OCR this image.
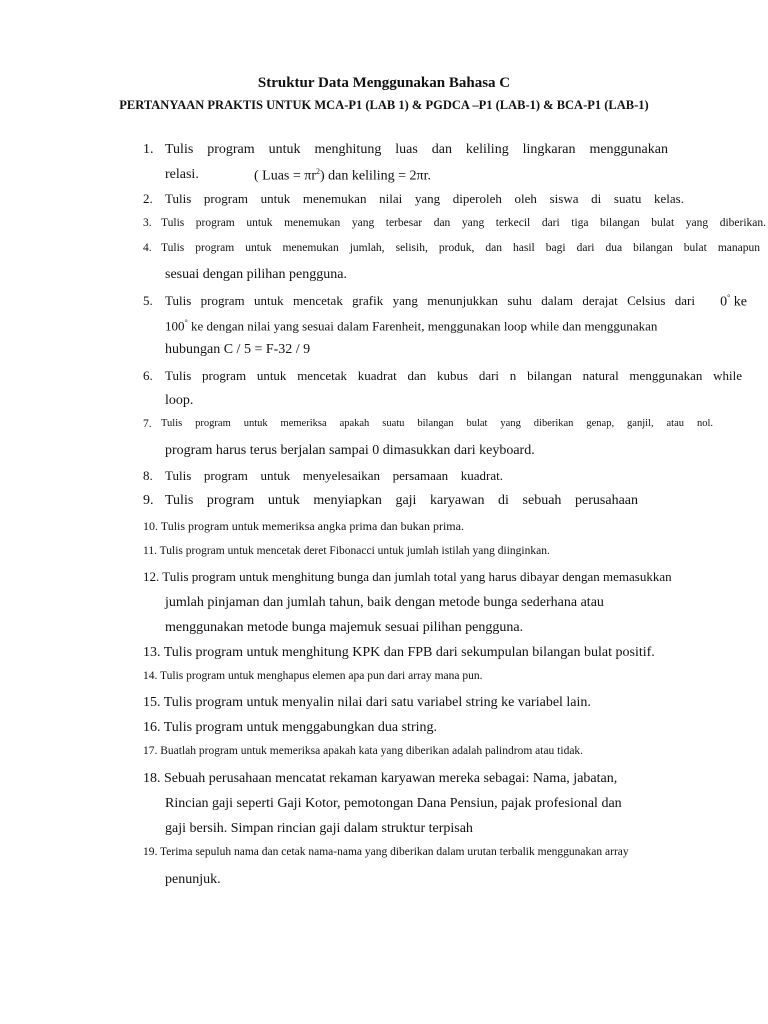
Struktur Data Menggunakan Bahasa C
PERTANYAAN PRAKTIS UNTUK MCA-P1 (LAB 1) & PGDCA –P1 (LAB-1) & BCA-P1 (LAB-1)
1. Tulis program untuk menghitung luas dan keliling lingkaran menggunakan
relasi.	( Luas = $\pi r^2$) dan keliling = 2πr.
2. Tulis program untuk menemukan nilai yang diperoleh oleh siswa di suatu kelas.
3. Tulis program untuk menemukan yang terbesar dan yang terkecil dari tiga bilangan bulat yang diberikan.
4. Tulis program untuk menemukan jumlah, selisih, produk, dan hasil bagi dari dua bilangan bulat manapun
sesuai dengan pilihan pengguna.
5. Tulis program untuk mencetak grafik yang menunjukkan suhu dalam derajat Celsius dari 0° ke
100° ke dengan nilai yang sesuai dalam Farenheit, menggunakan loop while dan menggunakan
hubungan C / 5 = F-32 / 9
6. Tulis program untuk mencetak kuadrat dan kubus dari n bilangan natural menggunakan while
loop.
7. Tulis program untuk memeriksa apakah suatu bilangan bulat yang diberikan genap, ganjil, atau nol.
program harus terus berjalan sampai 0 dimasukkan dari keyboard.
8. Tulis program untuk menyelesaikan persamaan kuadrat.
9. Tulis program untuk menyiapkan gaji karyawan di sebuah perusahaan
10. Tulis program untuk memeriksa angka prima dan bukan prima.
11. Tulis program untuk mencetak deret Fibonacci untuk jumlah istilah yang diinginkan.
12. Tulis program untuk menghitung bunga dan jumlah total yang harus dibayar dengan memasukkan
jumlah pinjaman dan jumlah tahun, baik dengan metode bunga sederhana atau
menggunakan metode bunga majemuk sesuai pilihan pengguna.
13. Tulis program untuk menghitung KPK dan FPB dari sekumpulan bilangan bulat positif.
14. Tulis program untuk menghapus elemen apa pun dari array mana pun.
15. Tulis program untuk menyalin nilai dari satu variabel string ke variabel lain.
16. Tulis program untuk menggabungkan dua string.
17. Buatlah program untuk memeriksa apakah kata yang diberikan adalah palindrom atau tidak.
18. Sebuah perusahaan mencatat rekaman karyawan mereka sebagai: Nama, jabatan,
Rincian gaji seperti Gaji Kotor, pemotongan Dana Pensiun, pajak profesional dan
gaji bersih. Simpan rincian gaji dalam struktur terpisah
19. Terima sepuluh nama dan cetak nama-nama yang diberikan dalam urutan terbalik menggunakan array
penunjuk.
